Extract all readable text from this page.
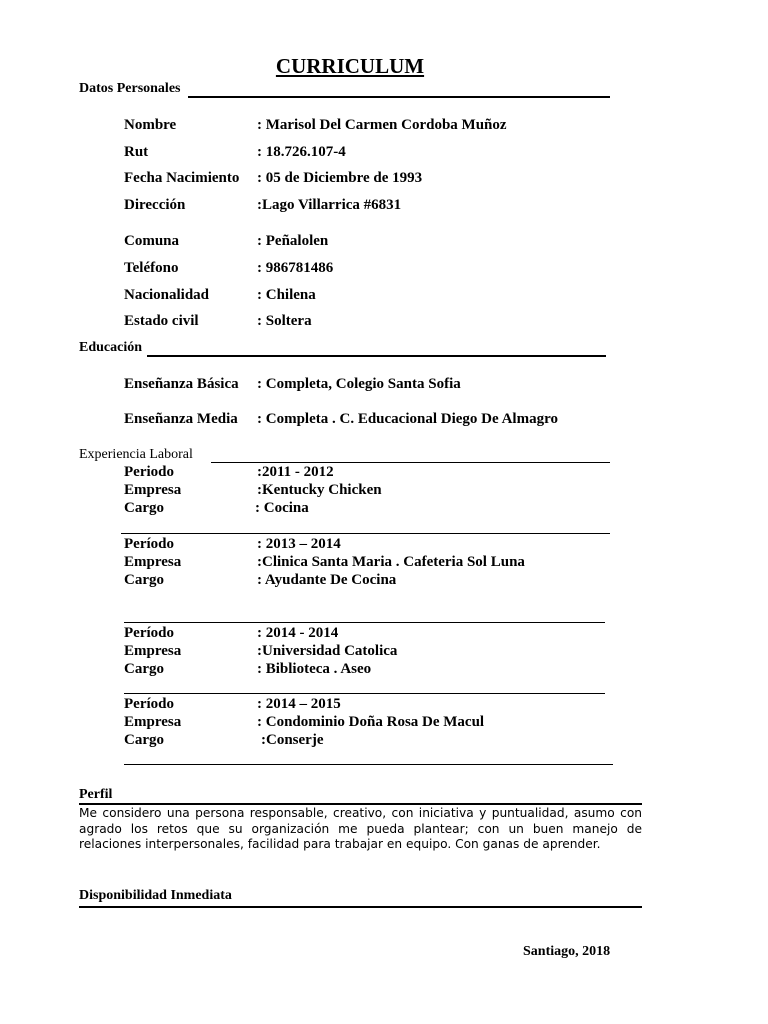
CURRICULUM
Datos Personales
Nombre	: Marisol Del Carmen Cordoba Muñoz
Rut	: 18.726.107-4
Fecha Nacimiento : 05 de Diciembre de 1993
Dirección	:Lago Villarrica #6831
Comuna	: Peñalolen
Teléfono	: 986781486
Nacionalidad	: Chilena
Estado civil	: Soltera
Educación
Enseñanza Básica : Completa, Colegio Santa Sofia
Enseñanza Media : Completa . C. Educacional Diego De Almagro
Experiencia Laboral
Periodo	:2011 - 2012
Empresa	:Kentucky Chicken
Cargo	: Cocina
Período	: 2013 – 2014
Empresa	:Clinica Santa Maria . Cafeteria Sol Luna
Cargo	: Ayudante De Cocina
Período	: 2014 - 2014
Empresa	:Universidad Catolica
Cargo	: Biblioteca . Aseo
Período	: 2014 – 2015
Empresa	: Condominio Doña Rosa De Macul
Cargo	:Conserje
Perfil
Me considero una persona responsable, creativo, con iniciativa y puntualidad, asumo con agrado los retos que su organización me pueda plantear; con un buen manejo de relaciones interpersonales, facilidad para trabajar en equipo. Con ganas de aprender.
Disponibilidad Inmediata
Santiago, 2018
